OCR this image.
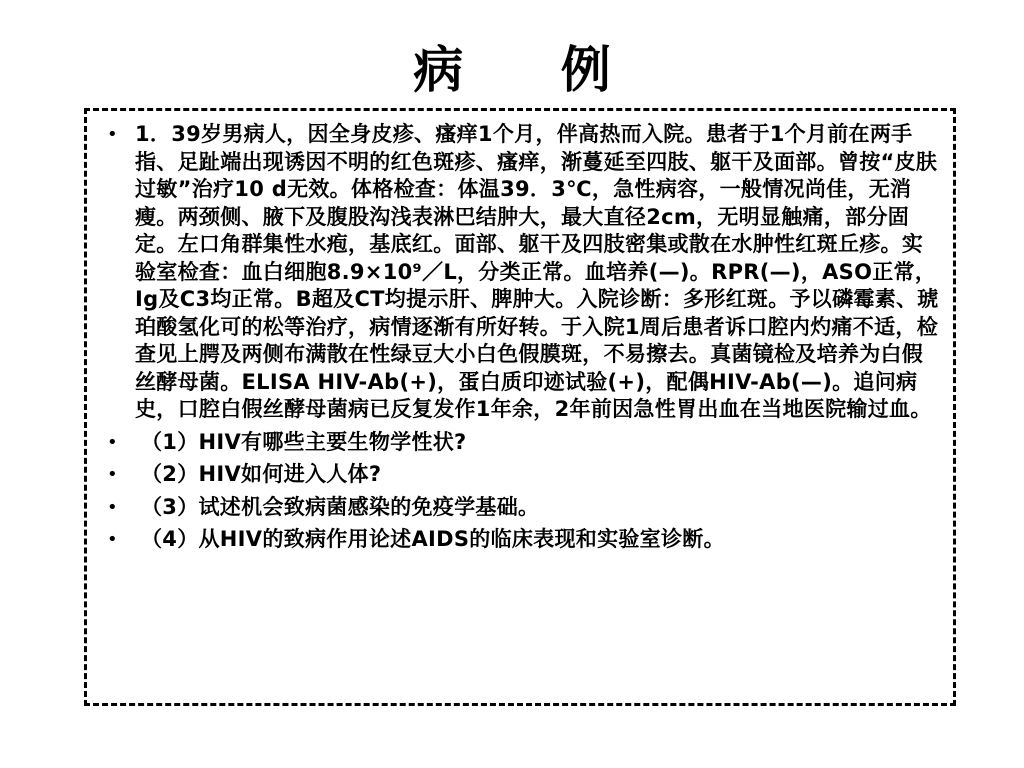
病 例
• 1．39岁男病人，因全身皮疹、瘙痒1个月，伴高热而入院。患者于1个月前在两手指、足趾端出现诱因不明的红色斑疹、瘙痒，渐蔓延至四肢、躯干及面部。曾按“皮肤过敏”治疗10 d无效。体格检查：体温39．3℃，急性病容，一般情况尚佳，无消瘦。两颈侧、腋下及腹股沟浅表淋巴结肿大，最大直径2cm，无明显触痛，部分固定。左口角群集性水疱，基底红。面部、躯干及四肢密集或散在水肿性红斑丘疹。实验室检查：血白细胞8.9×10⁹／L，分类正常。血培养(—)。RPR(—)，ASO正常，Ig及C3均正常。B超及CT均提示肝、脾肿大。入院诊断：多形红斑。予以磷霉素、琥珀酸氢化可的松等治疗，病情逐渐有所好转。于入院1周后患者诉口腔内灼痛不适，检查见上腭及两侧布满散在性绿豆大小白色假膜斑，不易擦去。真菌镜检及培养为白假丝酵母菌。ELISA HIV-Ab(+)，蛋白质印迹试验(+)，配偶HIV-Ab(—)。追问病史，口腔白假丝酵母菌病已反复发作1年余，2年前因急性胃出血在当地医院输过血。
• （1）HIV有哪些主要生物学性状?
• （2）HIV如何进入人体?
• （3）试述机会致病菌感染的免疫学基础。
• （4）从HIV的致病作用论述AIDS的临床表现和实验室诊断。
